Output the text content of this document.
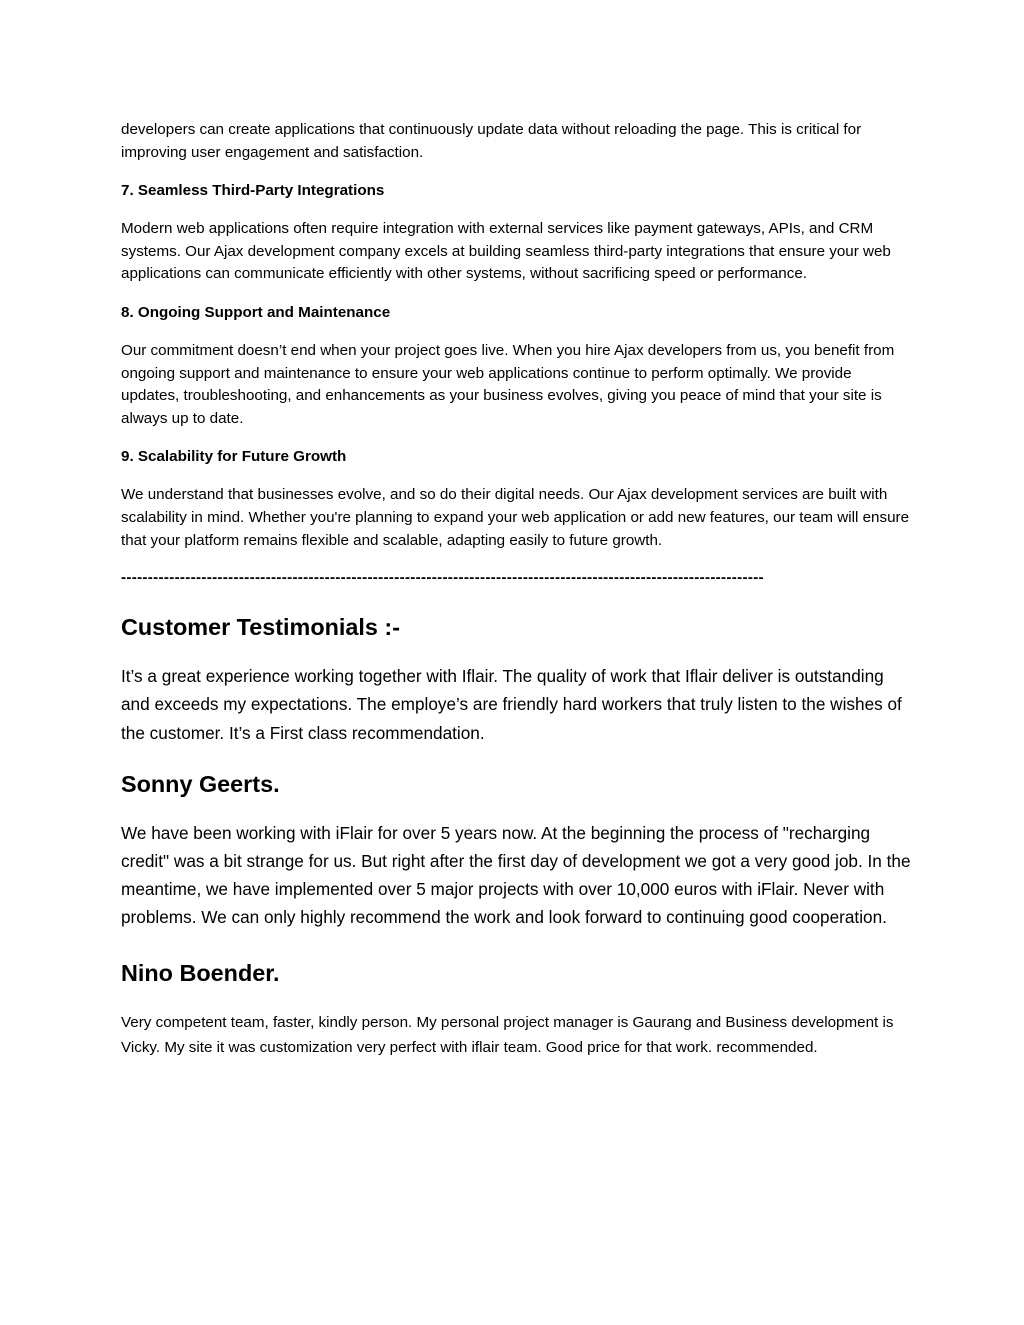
developers can create applications that continuously update data without reloading the page. This is critical for improving user engagement and satisfaction.

7. Seamless Third-Party Integrations

Modern web applications often require integration with external services like payment gateways, APIs, and CRM systems. Our Ajax development company excels at building seamless third-party integrations that ensure your web applications can communicate efficiently with other systems, without sacrificing speed or performance.

8. Ongoing Support and Maintenance

Our commitment doesn’t end when your project goes live. When you hire Ajax developers from us, you benefit from ongoing support and maintenance to ensure your web applications continue to perform optimally. We provide updates, troubleshooting, and enhancements as your business evolves, giving you peace of mind that your site is always up to date.

9. Scalability for Future Growth

We understand that businesses evolve, and so do their digital needs. Our Ajax development services are built with scalability in mind. Whether you're planning to expand your web application or add new features, our team will ensure that your platform remains flexible and scalable, adapting easily to future growth.

------------------------------------------------------------------------------------------------------------------------

Customer Testimonials :-

It’s a great experience working together with Iflair. The quality of work that Iflair deliver is outstanding and exceeds my expectations. The employe’s are friendly hard workers that truly listen to the wishes of the customer. It’s a First class recommendation.

Sonny Geerts.

We have been working with iFlair for over 5 years now. At the beginning the process of "recharging credit" was a bit strange for us. But right after the first day of development we got a very good job. In the meantime, we have implemented over 5 major projects with over 10,000 euros with iFlair. Never with problems. We can only highly recommend the work and look forward to continuing good cooperation.

Nino Boender.

Very competent team, faster, kindly person. My personal project manager is Gaurang and Business development is Vicky. My site it was customization very perfect with iflair team. Good price for that work. recommended.
